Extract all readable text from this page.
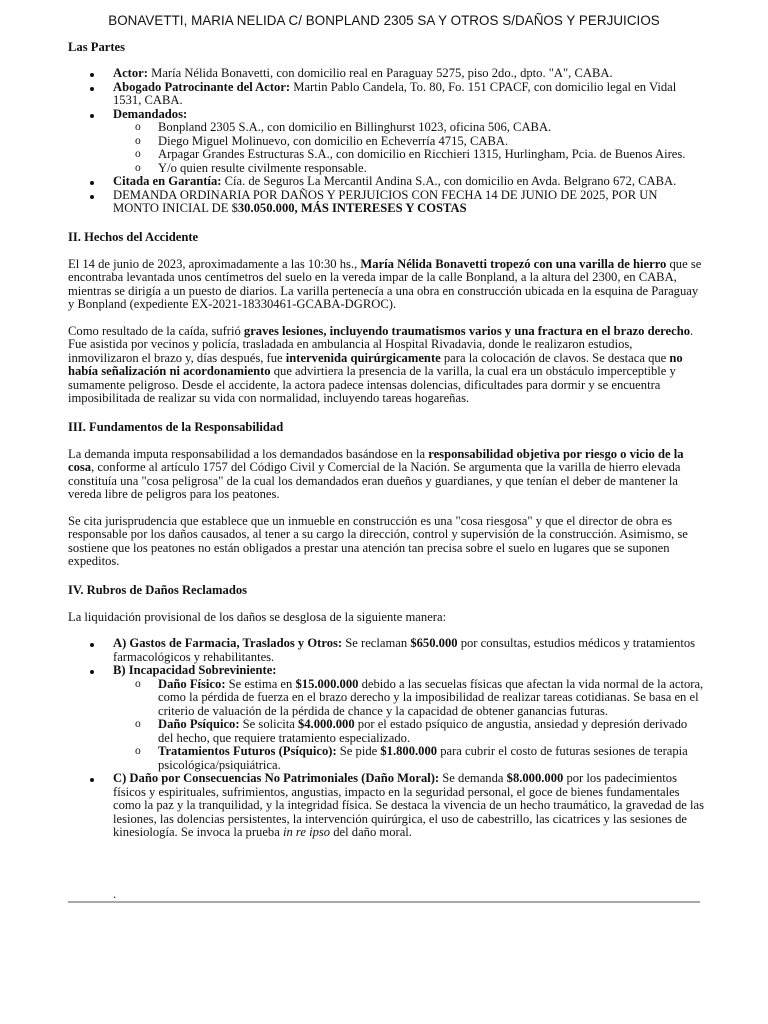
BONAVETTI, MARIA NELIDA C/ BONPLAND 2305 SA Y OTROS S/DAÑOS Y PERJUICIOS
Las Partes
Actor: María Nélida Bonavetti, con domicilio real en Paraguay 5275, piso 2do., dpto. "A", CABA.
Abogado Patrocinante del Actor: Martin Pablo Candela, To. 80, Fo. 151 CPACF, con domicilio legal en Vidal 1531, CABA.
Demandados:
o Bonpland 2305 S.A., con domicilio en Billinghurst 1023, oficina 506, CABA.
o Diego Miguel Molinuevo, con domicilio en Echeverría 4715, CABA.
o Arpagar Grandes Estructuras S.A., con domicilio en Ricchieri 1315, Hurlingham, Pcia. de Buenos Aires.
o Y/o quien resulte civilmente responsable.
Citada en Garantía: Cía. de Seguros La Mercantil Andina S.A., con domicilio en Avda. Belgrano 672, CABA.
DEMANDA ORDINARIA POR DAÑOS Y PERJUICIOS CON FECHA 14 DE JUNIO DE 2025, POR UN MONTO INICIAL DE $30.050.000, MÁS INTERESES Y COSTAS
II. Hechos del Accidente

El 14 de junio de 2023, aproximadamente a las 10:30 hs., María Nélida Bonavetti tropezó con una varilla de hierro que se encontraba levantada unos centímetros del suelo en la vereda impar de la calle Bonpland, a la altura del 2300, en CABA, mientras se dirigía a un puesto de diarios. La varilla pertenecía a una obra en construcción ubicada en la esquina de Paraguay y Bonpland (expediente EX-2021-18330461-GCABA-DGROC).

Como resultado de la caída, sufrió graves lesiones, incluyendo traumatismos varios y una fractura en el brazo derecho. Fue asistida por vecinos y policía, trasladada en ambulancia al Hospital Rivadavia, donde le realizaron estudios, inmovilizaron el brazo y, días después, fue intervenida quirúrgicamente para la colocación de clavos. Se destaca que no había señalización ni acordonamiento que advirtiera la presencia de la varilla, la cual era un obstáculo imperceptible y sumamente peligroso. Desde el accidente, la actora padece intensas dolencias, dificultades para dormir y se encuentra imposibilitada de realizar su vida con normalidad, incluyendo tareas hogareñas.

III. Fundamentos de la Responsabilidad

La demanda imputa responsabilidad a los demandados basándose en la responsabilidad objetiva por riesgo o vicio de la cosa, conforme al artículo 1757 del Código Civil y Comercial de la Nación. Se argumenta que la varilla de hierro elevada constituía una "cosa peligrosa" de la cual los demandados eran dueños y guardianes, y que tenían el deber de mantener la vereda libre de peligros para los peatones.

Se cita jurisprudencia que establece que un inmueble en construcción es una "cosa riesgosa" y que el director de obra es responsable por los daños causados, al tener a su cargo la dirección, control y supervisión de la construcción. Asimismo, se sostiene que los peatones no están obligados a prestar una atención tan precisa sobre el suelo en lugares que se suponen expeditos.

IV. Rubros de Daños Reclamados

La liquidación provisional de los daños se desglosa de la siguiente manera:

A) Gastos de Farmacia, Traslados y Otros: Se reclaman $650.000 por consultas, estudios médicos y tratamientos farmacológicos y rehabilitantes.
B) Incapacidad Sobreviniente:
o Daño Físico: Se estima en $15.000.000 debido a las secuelas físicas que afectan la vida normal de la actora, como la pérdida de fuerza en el brazo derecho y la imposibilidad de realizar tareas cotidianas. Se basa en el criterio de valuación de la pérdida de chance y la capacidad de obtener ganancias futuras.
o Daño Psíquico: Se solicita $4.000.000 por el estado psíquico de angustia, ansiedad y depresión derivado del hecho, que requiere tratamiento especializado.
o Tratamientos Futuros (Psíquico): Se pide $1.800.000 para cubrir el costo de futuras sesiones de terapia psicológica/psiquiátrica.
C) Daño por Consecuencias No Patrimoniales (Daño Moral): Se demanda $8.000.000 por los padecimientos físicos y espirituales, sufrimientos, angustias, impacto en la seguridad personal, el goce de bienes fundamentales como la paz y la tranquilidad, y la integridad física. Se destaca la vivencia de un hecho traumático, la gravedad de las lesiones, las dolencias persistentes, la intervención quirúrgica, el uso de cabestrillo, las cicatrices y las sesiones de kinesiología. Se invoca la prueba in re ipso del daño moral.
.
